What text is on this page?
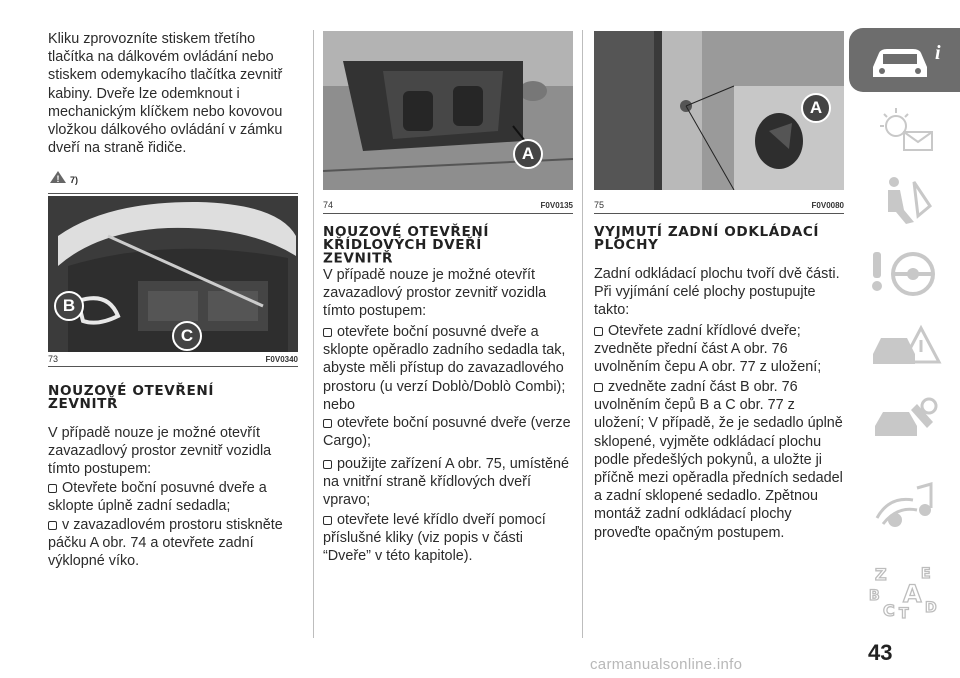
Kliku zprovozníte stiskem třetího tlačítka na dálkovém ovládání nebo stiskem odemykacího tlačítka zevnitř kabiny. Dveře lze odemknout i mechanickým klíčkem nebo kovovou vložkou dálkového ovládání v zámku dveří na straně řidiče.

! 7)
B
C
73	F0V0340
NOUZOVÉ OTEVŘENÍ ZEVNITŘ

V případě nouze je možné otevřít zavazadlový prostor zevnitř vozidla tímto postupem:

Otevřete boční posuvné dveře a sklopte úplně zadní sedadla;

v zavazadlovém prostoru stiskněte páčku A obr. 74 a otevřete zadní výklopné víko.

A
74	F0V0135
NOUZOVÉ OTEVŘENÍ KŘÍDLOVÝCH DVEŘÍ ZEVNITŘ

V případě nouze je možné otevřít zavazadlový prostor zevnitř vozidla tímto postupem:

otevřete boční posuvné dveře a sklopte opěradlo zadního sedadla tak, abyste měli přístup do zavazadlového prostoru (u verzí Doblò/Doblò Combi); nebo

otevřete boční posuvné dveře (verze Cargo);

použijte zařízení A obr. 75, umístěné na vnitřní straně křídlových dveří vpravo;

otevřete levé křídlo dveří pomocí příslušné kliky (viz popis v části “Dveře” v této kapitole).

A
75	F0V0080
VYJMUTÍ ZADNÍ ODKLÁDACÍ PLOCHY

Zadní odkládací plochu tvoří dvě části. Při vyjímání celé plochy postupujte takto:

Otevřete zadní křídlové dveře; zvedněte přední část A obr. 76 uvolněním čepu A obr. 77 z uložení;

zvedněte zadní část B obr. 76 uvolněním čepů B a C obr. 77 z uložení; V případě, že je sedadlo úplně sklopené, vyjměte odkládací plochu podle předešlých pokynů, a uložte ji příčně mezi opěradla předních sedadel a zadní sklopené sedadlo. Zpětnou montáž zadní odkládací plochy proveďte opačným postupem.

i
Z E
B A
C T D
43
carmanualsonline.info
